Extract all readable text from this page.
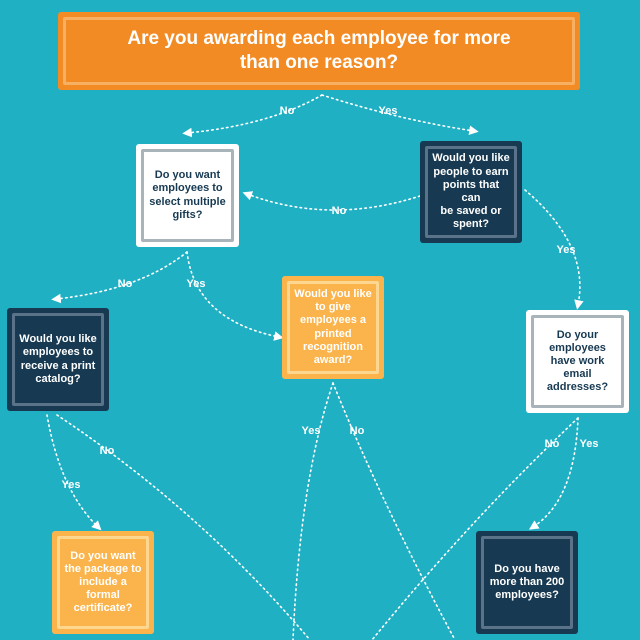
Are you awarding each employee for more
than one reason?
Do you want
employees to
select multiple
gifts?
Would you like
people to earn
points that can
be saved or
spent?
Would you like
employees to
receive a print
catalog?
Would you like
to give
employees a
printed
recognition
award?
Do your
employees
have work
email
addresses?
Do you want
the package to
include a
formal
certificate?
Do you have
more than 200
employees?
No	Yes
No
Yes
No	Yes
Yes	No
No
Yes
No Yes
